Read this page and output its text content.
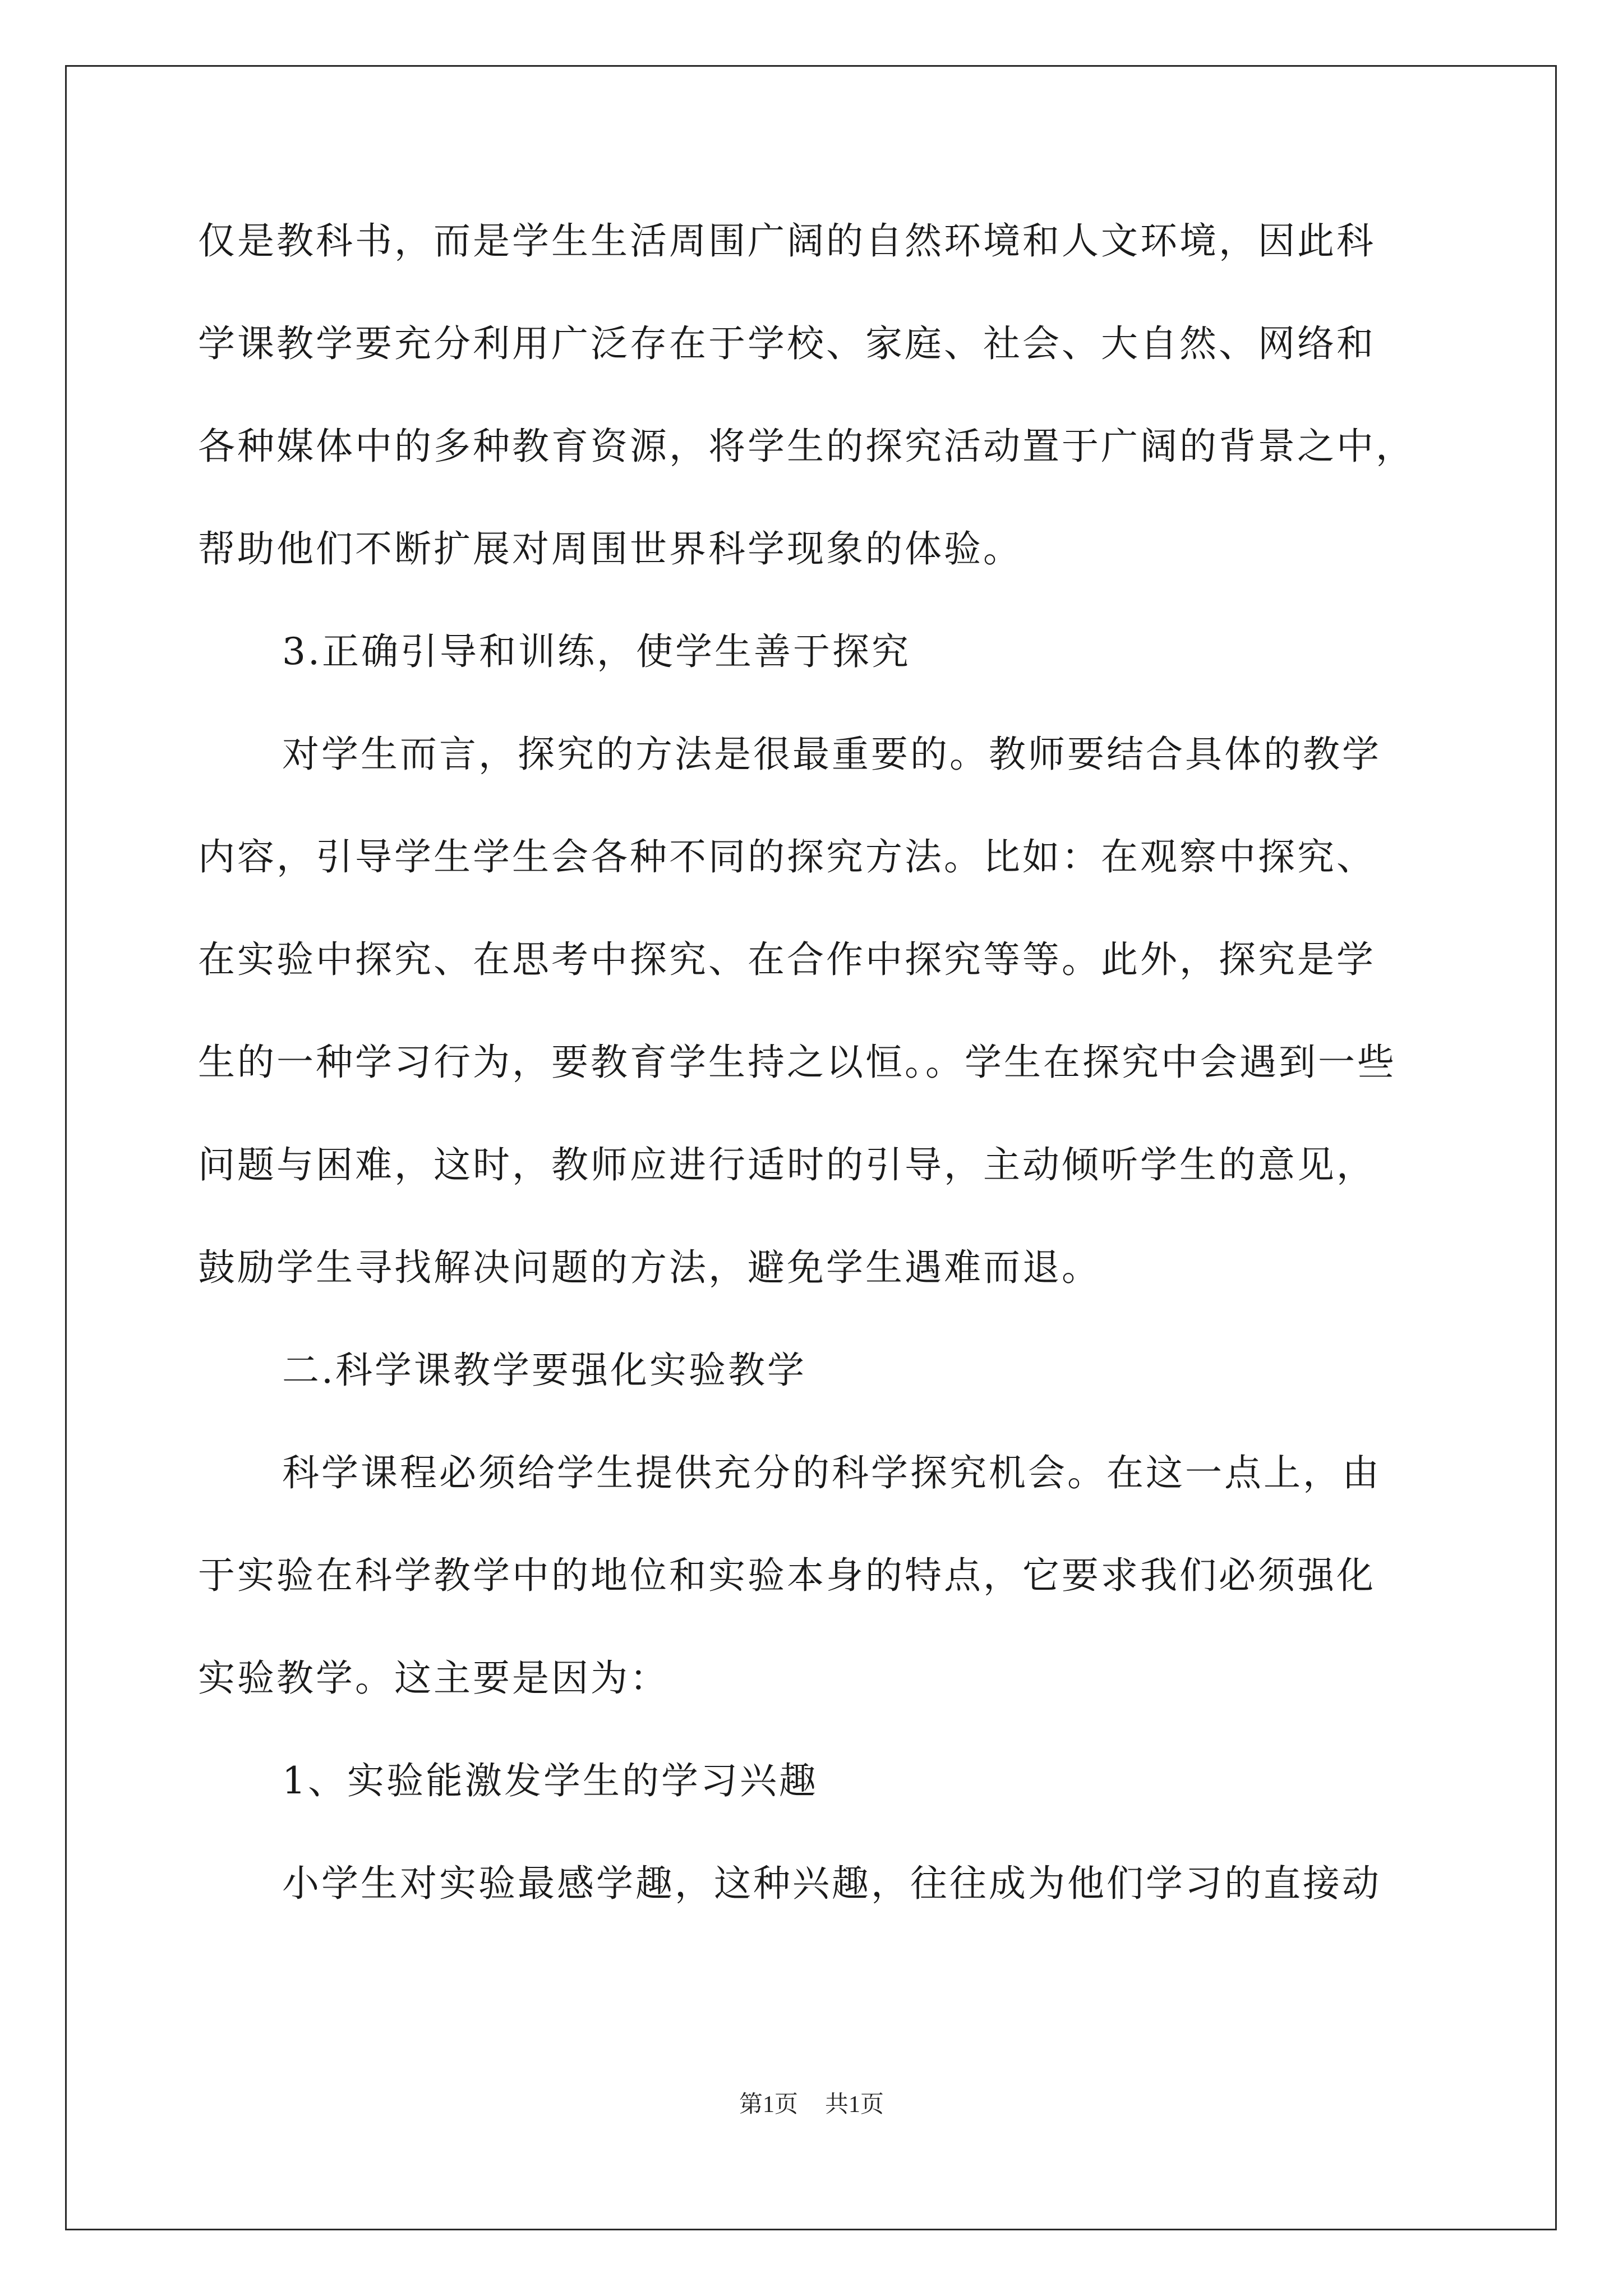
仅是教科书，而是学生生活周围广阔的自然环境和人文环境，因此科
学课教学要充分利用广泛存在于学校、家庭、社会、大自然、网络和
各种媒体中的多种教育资源，将学生的探究活动置于广阔的背景之中，
帮助他们不断扩展对周围世界科学现象的体验。
3.正确引导和训练，使学生善于探究
对学生而言，探究的方法是很最重要的。教师要结合具体的教学
内容，引导学生学生会各种不同的探究方法。比如：在观察中探究、
在实验中探究、在思考中探究、在合作中探究等等。此外，探究是学
生的一种学习行为，要教育学生持之以恒。。学生在探究中会遇到一些
问题与困难，这时，教师应进行适时的引导，主动倾听学生的意见，
鼓励学生寻找解决问题的方法，避免学生遇难而退。
二.科学课教学要强化实验教学
科学课程必须给学生提供充分的科学探究机会。在这一点上，由
于实验在科学教学中的地位和实验本身的特点，它要求我们必须强化
实验教学。这主要是因为：
1、实验能激发学生的学习兴趣
小学生对实验最感学趣，这种兴趣，往往成为他们学习的直接动
第1页 共1页
